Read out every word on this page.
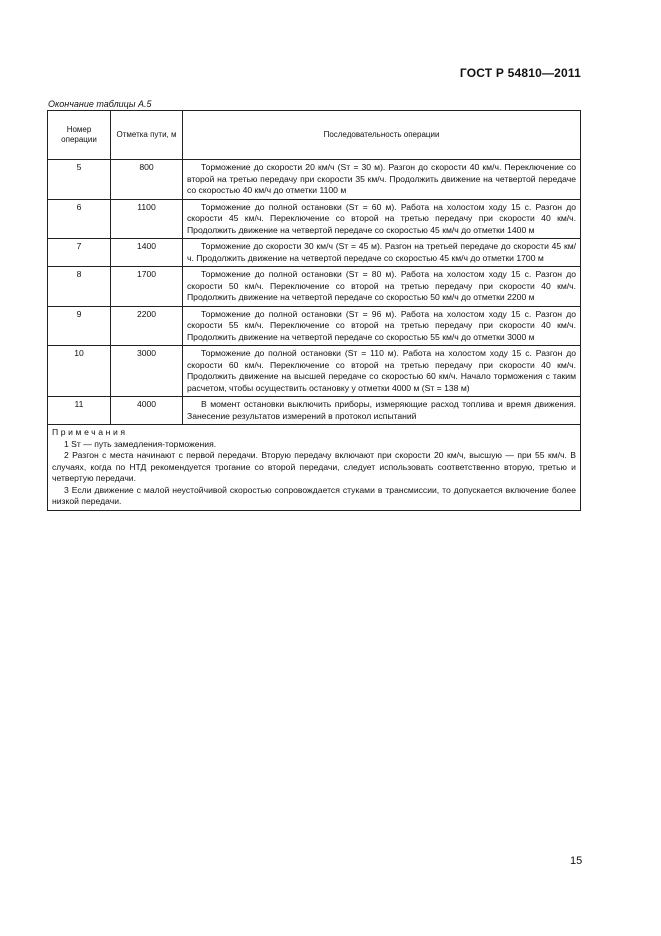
ГОСТ Р 54810—2011
Окончание таблицы А.5
Номер операции	Отметка пути, м	Последовательность операции
5	800	Торможение до скорости 20 км/ч (Sт = 30 м). Разгон до скорости 40 км/ч. Переключение со второй на третью передачу при скорости 35 км/ч. Продолжить движение на четвертой передаче со скоростью 40 км/ч до отметки 1100 м
6	1100	Торможение до полной остановки (Sт = 60 м). Работа на холостом ходу 15 с. Разгон до скорости 45 км/ч. Переключение со второй на третью передачу при скорости 40 км/ч. Продолжить движение на четвертой передаче со скоростью 45 км/ч до отметки 1400 м
7	1400	Торможение до скорости 30 км/ч (Sт = 45 м). Разгон на третьей передаче до скорости 45 км/ч. Продолжить движение на четвертой передаче со скоростью 45 км/ч до отметки 1700 м
8	1700	Торможение до полной остановки (Sт = 80 м). Работа на холостом ходу 15 с. Разгон до скорости 50 км/ч. Переключение со второй на третью передачу при скорости 40 км/ч. Продолжить движение на четвертой передаче со скоростью 50 км/ч до отметки 2200 м
9	2200	Торможение до полной остановки (Sт = 96 м). Работа на холостом ходу 15 с. Разгон до скорости 55 км/ч. Переключение со второй на третью передачу при скорости 40 км/ч. Продолжить движение на четвертой передаче со скоростью 55 км/ч до отметки 3000 м
10	3000	Торможение до полной остановки (Sт = 110 м). Работа на холостом ходу 15 с. Разгон до скорости 60 км/ч. Переключение со второй на третью передачу при скорости 40 км/ч. Продолжить движение на высшей передаче со скоростью 60 км/ч. Начало торможения с таким расчетом, чтобы осуществить остановку у отметки 4000 м (Sт = 138 м)
11	4000	В момент остановки выключить приборы, измеряющие расход топлива и время движения. Занесение результатов измерений в протокол испытаний

Примечания
1 Sт — путь замедления-торможения.
2 Разгон с места начинают с первой передачи. Вторую передачу включают при скорости 20 км/ч, высшую — при 55 км/ч. В случаях, когда по НТД рекомендуется трогание со второй передачи, следует использовать соответственно вторую, третью и четвертую передачи.
3 Если движение с малой неустойчивой скоростью сопровождается стуками в трансмиссии, то допускается включение более низкой передачи.		
15
